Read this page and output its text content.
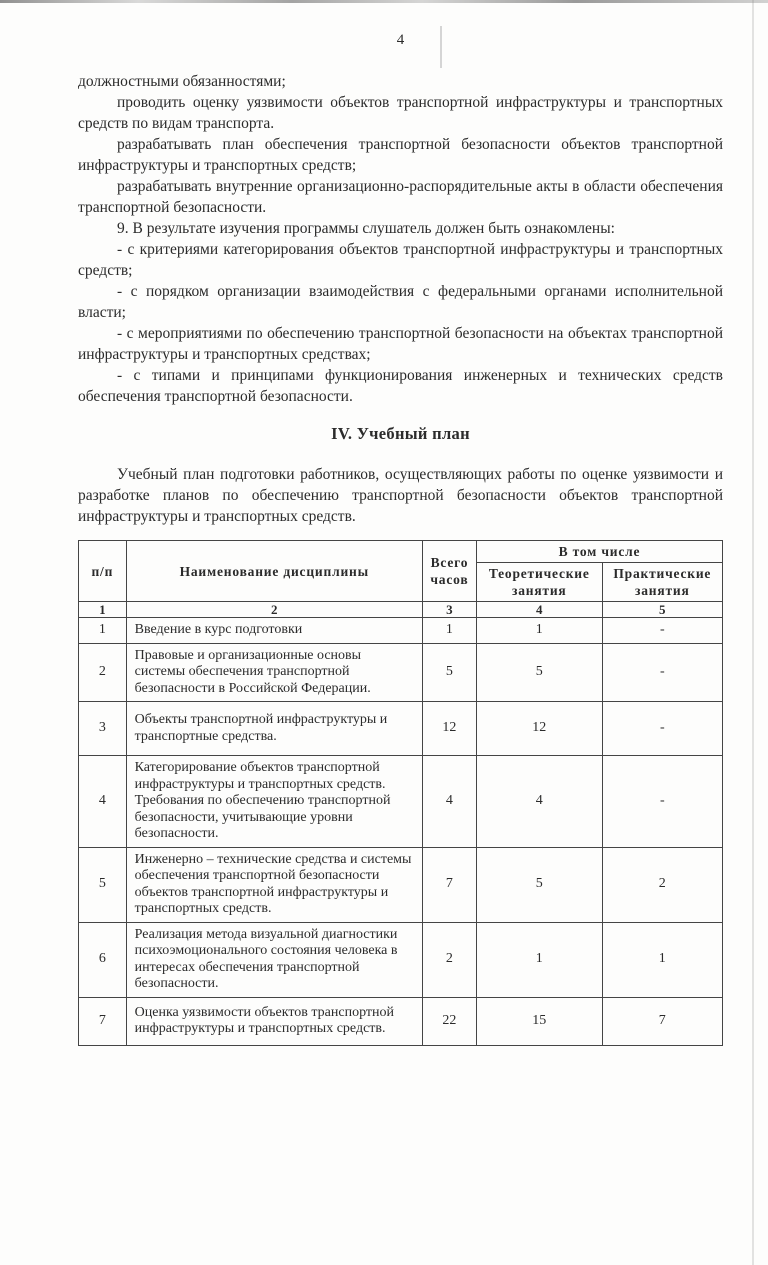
4

должностными обязанностями;

проводить оценку уязвимости объектов транспортной инфраструктуры и транспортных средств по видам транспорта.

разрабатывать план обеспечения транспортной безопасности объектов транспортной инфраструктуры и транспортных средств;

разрабатывать внутренние организационно-распорядительные акты в области обеспечения транспортной безопасности.

9. В результате изучения программы слушатель должен быть ознакомлены:

- с критериями категорирования объектов транспортной инфраструктуры и транспортных средств;

- с порядком организации взаимодействия с федеральными органами исполнительной власти;

- с мероприятиями по обеспечению транспортной безопасности на объектах транспортной инфраструктуры и транспортных средствах;

- с типами и принципами функционирования инженерных и технических средств обеспечения транспортной безопасности.

IV. Учебный план

Учебный план подготовки работников, осуществляющих работы по оценке уязвимости и разработке планов по обеспечению транспортной безопасности объектов транспортной инфраструктуры и транспортных средств.

п/п	Наименование дисциплины	Всего часов	В том числе	
			Теоретические занятия	Практические занятия
1	2	3	4	5
1	Введение в курс подготовки	1	1	-
2	Правовые и организационные основы системы обеспечения транспортной безопасности в Российской Федерации.	5	5	-
3	Объекты транспортной инфраструктуры и транспортные средства.	12	12	-
4	Категорирование объектов транспортной инфраструктуры и транспортных средств. Требования по обеспечению транспортной безопасности, учитывающие уровни безопасности.	4	4	-
5	Инженерно – технические средства и системы обеспечения транспортной безопасности объектов транспортной инфраструктуры и транспортных средств.	7	5	2
6	Реализация метода визуальной диагностики психоэмоционального состояния человека в интересах обеспечения транспортной безопасности.	2	1	1
7	Оценка уязвимости объектов транспортной инфраструктуры и транспортных средств.	22	15	7
